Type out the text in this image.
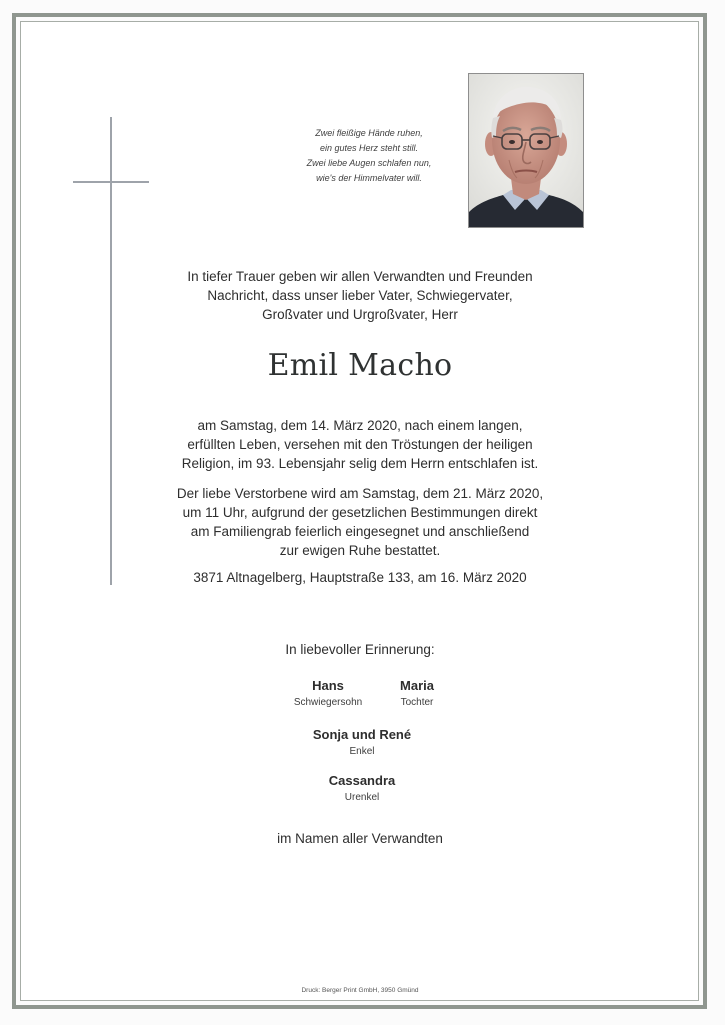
Zwei fleißige Hände ruhen,
ein gutes Herz steht still.
Zwei liebe Augen schlafen nun,
wie's der Himmelvater will.
In tiefer Trauer geben wir allen Verwandten und Freunden
Nachricht, dass unser lieber Vater, Schwiegervater,
Großvater und Urgroßvater, Herr
Emil Macho
am Samstag, dem 14. März 2020, nach einem langen,
erfüllten Leben, versehen mit den Tröstungen der heiligen
Religion, im 93. Lebensjahr selig dem Herrn entschlafen ist.
Der liebe Verstorbene wird am Samstag, dem 21. März 2020,
um 11 Uhr, aufgrund der gesetzlichen Bestimmungen direkt
am Familiengrab feierlich eingesegnet und anschließend
zur ewigen Ruhe bestattet.
3871 Altnagelberg, Hauptstraße 133, am 16. März 2020
In liebevoller Erinnerung:
Hans
Schwiegersohn
Maria
Tochter
Sonja und René
Enkel
Cassandra
Urenkel
im Namen aller Verwandten
Druck: Berger Print GmbH, 3950 Gmünd
